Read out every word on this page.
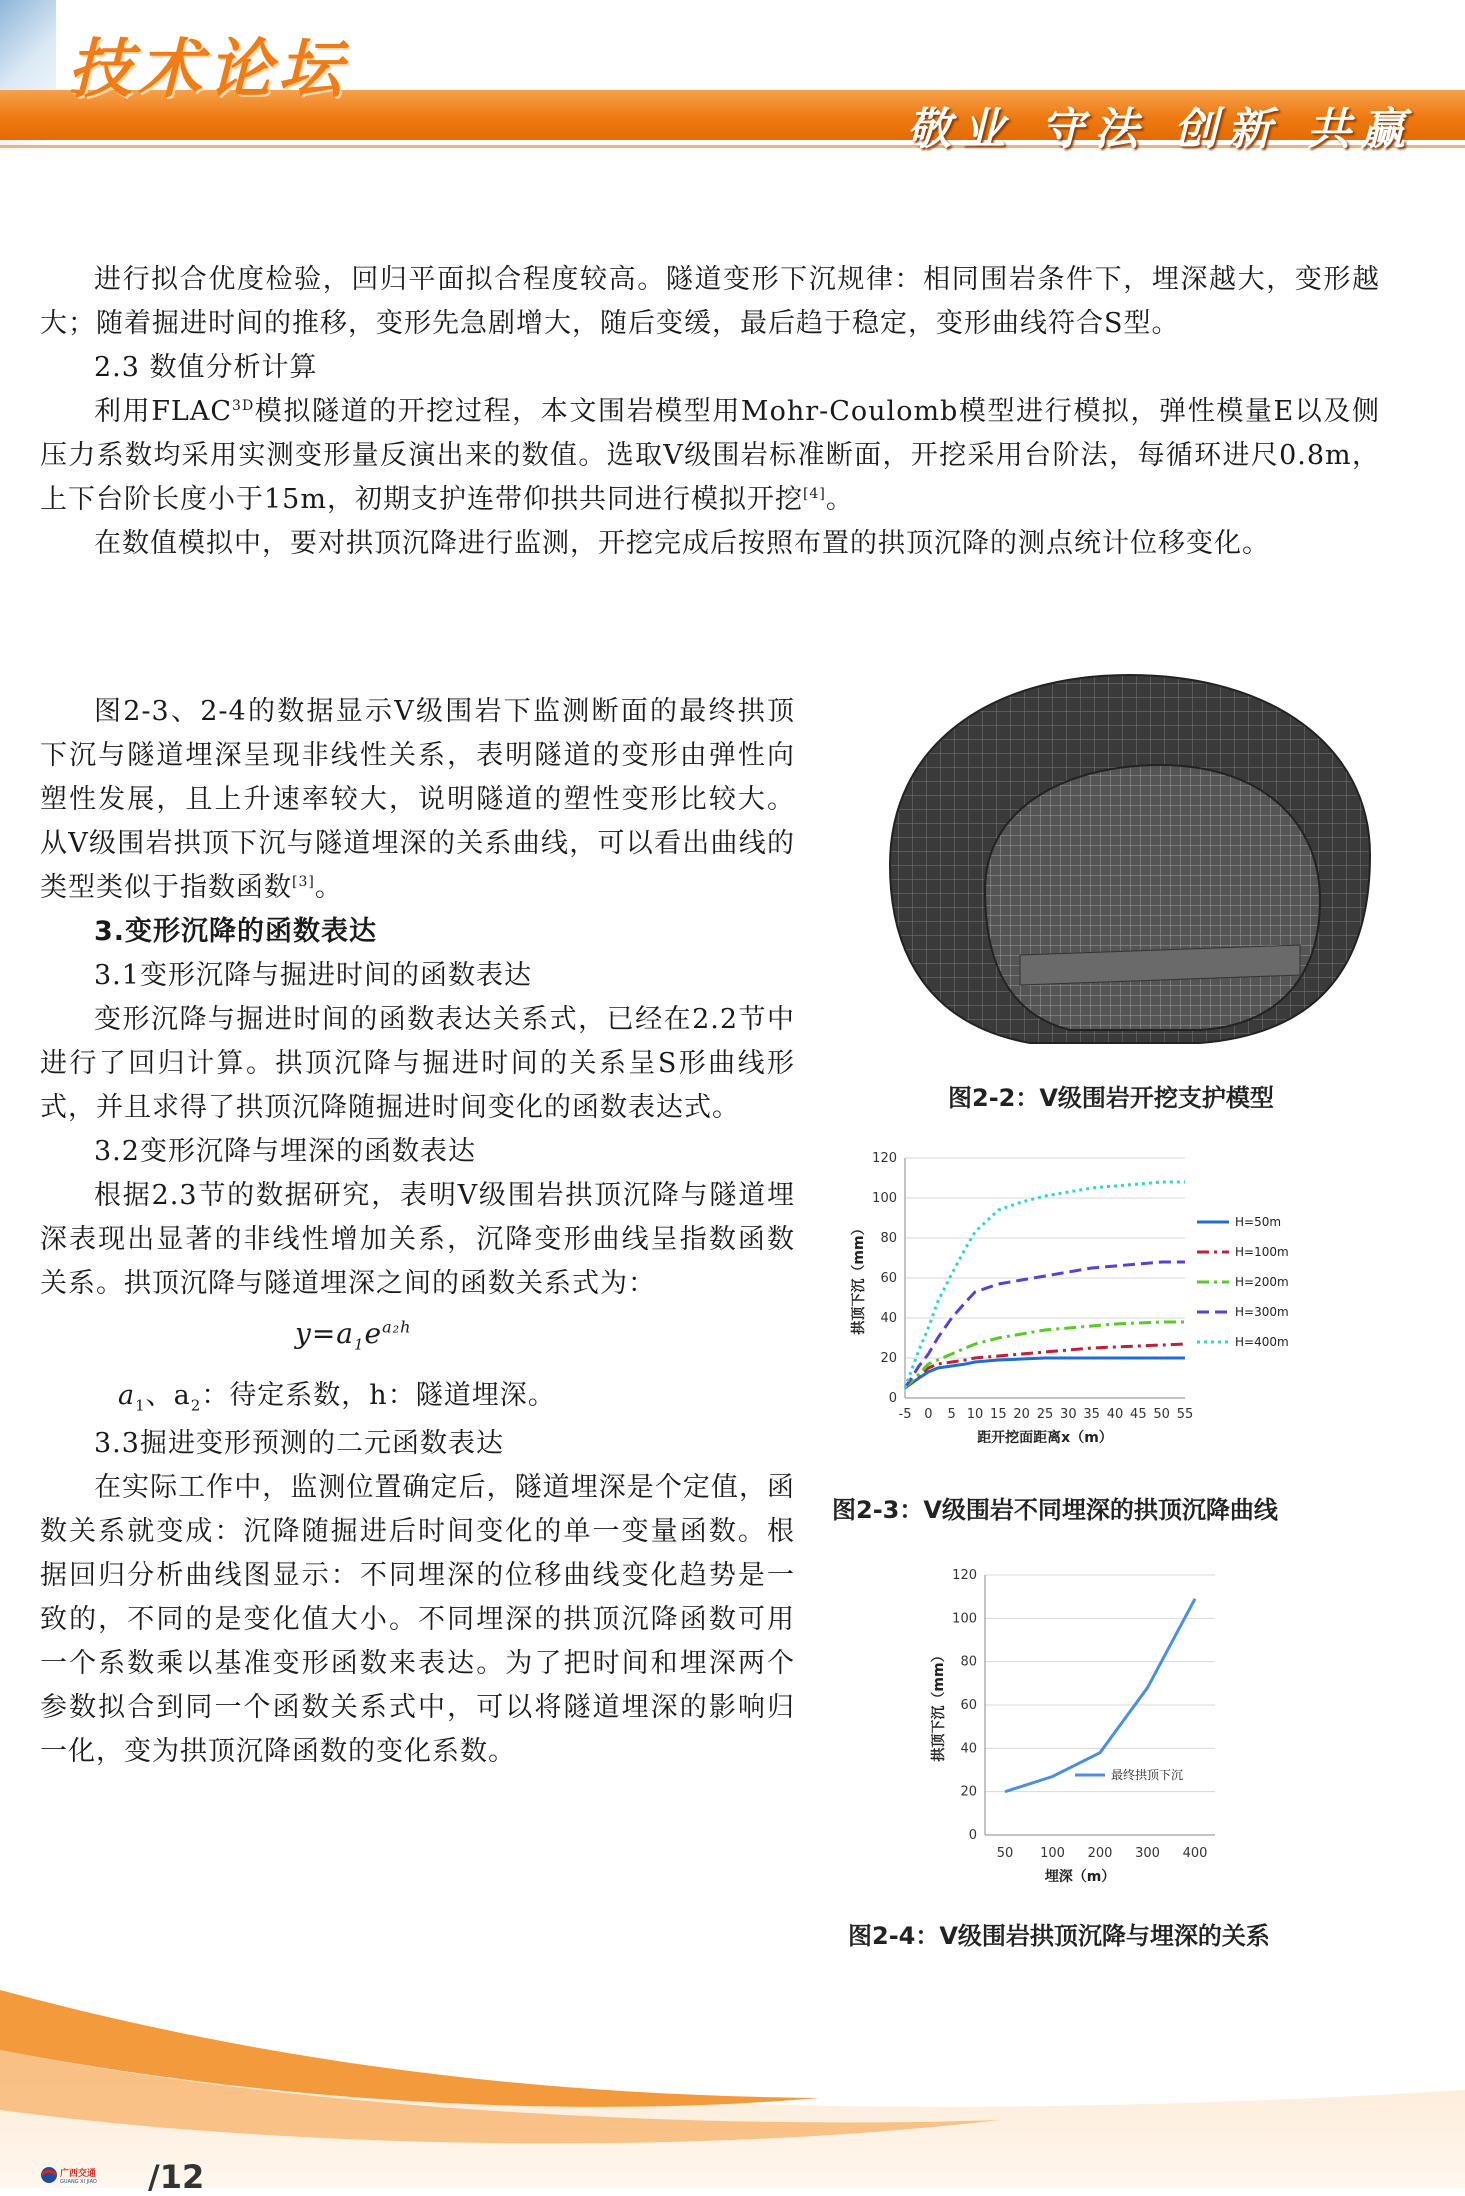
技术论坛
敬业 守法 创新 共赢

进行拟合优度检验，回归平面拟合程度较高。隧道变形下沉规律：相同围岩条件下，埋深越大，变形越大；随着掘进时间的推移，变形先急剧增大，随后变缓，最后趋于稳定，变形曲线符合S型。

2.3 数值分析计算

利用$FLAC^{3D}$模拟隧道的开挖过程，本文围岩模型用Mohr-Coulomb模型进行模拟，弹性模量E以及侧压力系数均采用实测变形量反演出来的数值。选取V级围岩标准断面，开挖采用台阶法，每循环进尺0.8m，上下台阶长度小于15m，初期支护连带仰拱共同进行模拟开挖[4]。

在数值模拟中，要对拱顶沉降进行监测，开挖完成后按照布置的拱顶沉降的测点统计位移变化。

图2-3、2-4的数据显示V级围岩下监测断面的最终拱顶下沉与隧道埋深呈现非线性关系，表明隧道的变形由弹性向塑性发展，且上升速率较大，说明隧道的塑性变形比较大。从V级围岩拱顶下沉与隧道埋深的关系曲线，可以看出曲线的类型类似于指数函数[3]。

3.变形沉降的函数表达

3.1变形沉降与掘进时间的函数表达

变形沉降与掘进时间的函数表达关系式，已经在2.2节中进行了回归计算。拱顶沉降与掘进时间的关系呈S形曲线形式，并且求得了拱顶沉降随掘进时间变化的函数表达式。

3.2变形沉降与埋深的函数表达

根据2.3节的数据研究，表明V级围岩拱顶沉降与隧道埋深表现出显著的非线性增加关系，沉降变形曲线呈指数函数关系。拱顶沉降与隧道埋深之间的函数关系式为：

$y=a_1e^{a_2h}$

$a_1$、$a_2$：待定系数，h：隧道埋深。

3.3掘进变形预测的二元函数表达

在实际工作中，监测位置确定后，隧道埋深是个定值，函数关系就变成：沉降随掘进后时间变化的单一变量函数。根据回归分析曲线图显示：不同埋深的位移曲线变化趋势是一致的，不同的是变化值大小。不同埋深的拱顶沉降函数可用一个系数乘以基准变形函数来表达。为了把时间和埋深两个参数拟合到同一个函数关系式中，可以将隧道埋深的影响归一化，变为拱顶沉降函数的变化系数。

图2-2：V级围岩开挖支护模型
0
20
40
60
80
100
120
-5 0 5 10 15 20 25 30 35 40 45 50 55
距开挖面距离x（m）
拱顶下沉（mm）	H=50m
H=100m
H=200m
H=300m
H=400m
图2-3：V级围岩不同埋深的拱顶沉降曲线
0
20
40
60
80
100
120
50 100 200 300 400
埋深（m）
拱顶下沉（mm）
最终拱顶下沉
图2-4：V级围岩拱顶沉降与埋深的关系
广西交通
GUANG XI JIAO /12
